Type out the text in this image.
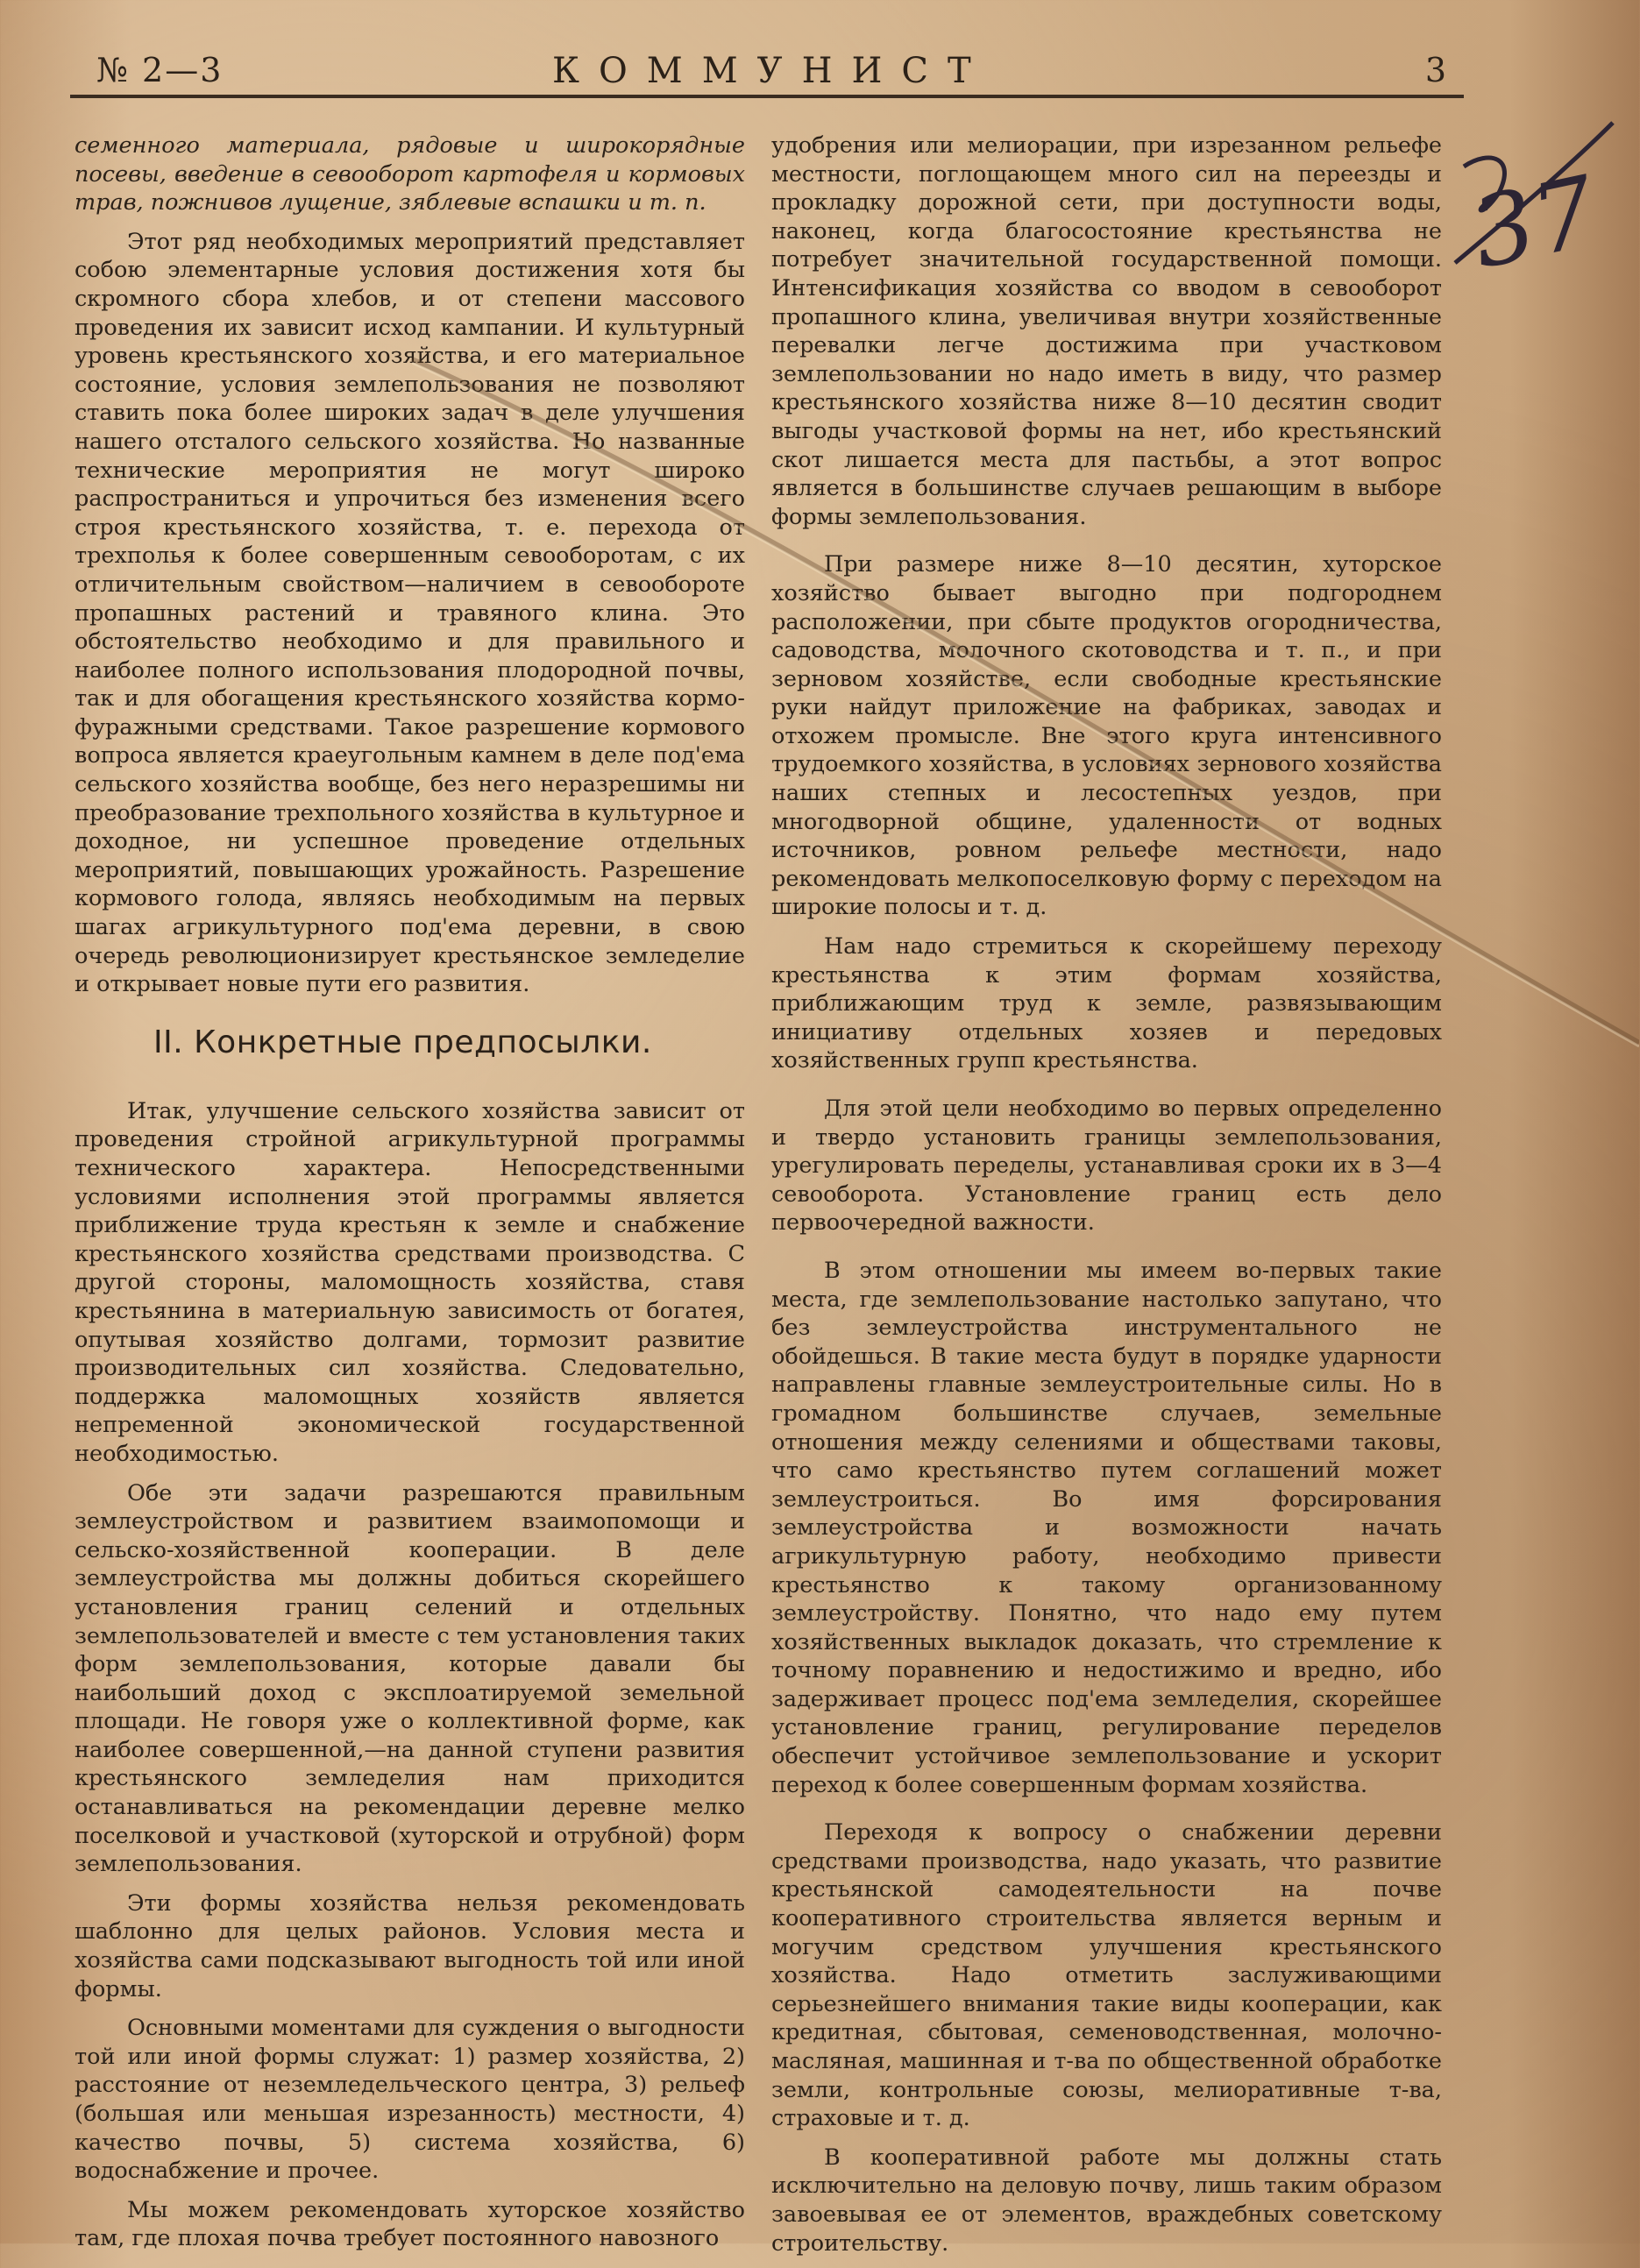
№ 2—3	КОММУНИСТ	3
37

семенного материала, рядовые и широкорядные посевы, введение в севооборот картофеля и кормовых трав, пожнивов лущение, зяблевые вспашки и т. п.

Этот ряд необходимых мероприятий представляет собою элементарные условия достижения хотя бы скромного сбора хлебов, и от степени массового проведения их зависит исход кампании. И культурный уровень крестьянского хозяйства, и его материальное состояние, условия землепользования не позволяют ставить пока более широких задач в деле улучшения нашего отсталого сельского хозяйства. Но названные технические мероприятия не могут широко распространиться и упрочиться без изменения всего строя крестьянского хозяйства, т. е. перехода от трехполья к более совершенным севооборотам, с их отличительным свойством—наличием в севообороте пропашных растений и травяного клина. Это обстоятельство необходимо и для правильного и наиболее полного использования плодородной почвы, так и для обогащения крестьянского хозяйства кормо-фуражными средствами. Такое разрешение кормового вопроса является краеугольным камнем в деле под'ема сельского хозяйства вообще, без него неразрешимы ни преобразование трехпольного хозяйства в культурное и доходное, ни успешное проведение отдельных мероприятий, повышающих урожайность. Разрешение кормового голода, являясь необходимым на первых шагах агрикультурного под'ема деревни, в свою очередь революционизирует крестьянское земледелие и открывает новые пути его развития.

II. Конкретные предпосылки.

Итак, улучшение сельского хозяйства зависит от проведения стройной агрикультурной программы технического характера. Непосредственными условиями исполнения этой программы является приближение труда крестьян к земле и снабжение крестьянского хозяйства средствами производства. С другой стороны, маломощность хозяйства, ставя крестьянина в материальную зависимость от богатея, опутывая хозяйство долгами, тормозит развитие производительных сил хозяйства. Следовательно, поддержка маломощных хозяйств является непременной экономической государственной необходимостью.

Обе эти задачи разрешаются правильным землеустройством и развитием взаимопомощи и сельско-хозяйственной кооперации. В деле землеустройства мы должны добиться скорейшего установления границ селений и отдельных землепользователей и вместе с тем установления таких форм землепользования, которые давали бы наибольший доход с эксплоатируемой земельной площади. Не говоря уже о коллективной форме, как наиболее совершенной,—на данной ступени развития крестьянского земледелия нам приходится останавливаться на рекомендации деревне мелко поселковой и участковой (хуторской и отрубной) форм землепользования.

Эти формы хозяйства нельзя рекомендовать шаблонно для целых районов. Условия места и хозяйства сами подсказывают выгодность той или иной формы.

Основными моментами для суждения о выгодности той или иной формы служат: 1) размер хозяйства, 2) расстояние от неземледельческого центра, 3) рельеф (большая или меньшая изрезанность) местности, 4) качество почвы, 5) система хозяйства, 6) водоснабжение и прочее.

Мы можем рекомендовать хуторское хозяйство там, где плохая почва требует постоянного навозного

удобрения или мелиорации, при изрезанном рельефе местности, поглощающем много сил на переезды и прокладку дорожной сети, при доступности воды, наконец, когда благосостояние крестьянства не потребует значительной государственной помощи. Интенсификация хозяйства со вводом в севооборот пропашного клина, увеличивая внутри хозяйственные перевалки легче достижима при участковом землепользовании но надо иметь в виду, что размер крестьянского хозяйства ниже 8—10 десятин сводит выгоды участковой формы на нет, ибо крестьянский скот лишается места для пастьбы, а этот вопрос является в большинстве случаев решающим в выборе формы землепользования.

При размере ниже 8—10 десятин, хуторское хозяйство бывает выгодно при подгороднем расположении, при сбыте продуктов огородничества, садоводства, молочного скотоводства и т. п., и при зерновом хозяйстве, если свободные крестьянские руки найдут приложение на фабриках, заводах и отхожем промысле. Вне этого круга интенсивного трудоемкого хозяйства, в условиях зернового хозяйства наших степных и лесостепных уездов, при многодворной общине, удаленности от водных источников, ровном рельефе местности, надо рекомендовать мелкопоселковую форму с переходом на широкие полосы и т. д.

Нам надо стремиться к скорейшему переходу крестьянства к этим формам хозяйства, приближающим труд к земле, развязывающим инициативу отдельных хозяев и передовых хозяйственных групп крестьянства.

Для этой цели необходимо во первых определенно и твердо установить границы землепользования, урегулировать переделы, устанавливая сроки их в 3—4 севооборота. Установление границ есть дело первоочередной важности.

В этом отношении мы имеем во-первых такие места, где землепользование настолько запутано, что без землеустройства инструментального не обойдешься. В такие места будут в порядке ударности направлены главные землеустроительные силы. Но в громадном большинстве случаев, земельные отношения между селениями и обществами таковы, что само крестьянство путем соглашений может землеустроиться. Во имя форсирования землеустройства и возможности начать агрикультурную работу, необходимо привести крестьянство к такому организованному землеустройству. Понятно, что надо ему путем хозяйственных выкладок доказать, что стремление к точному поравнению и недостижимо и вредно, ибо задерживает процесс под'ема земледелия, скорейшее установление границ, регулирование переделов обеспечит устойчивое землепользование и ускорит переход к более совершенным формам хозяйства.

Переходя к вопросу о снабжении деревни средствами производства, надо указать, что развитие крестьянской самодеятельности на почве кооперативного строительства является верным и могучим средством улучшения крестьянского хозяйства. Надо отметить заслуживающими серьезнейшего внимания такие виды кооперации, как кредитная, сбытовая, семеноводственная, молочно-масляная, машинная и т-ва по общественной обработке земли, контрольные союзы, мелиоративные т-ва, страховые и т. д.

В кооперативной работе мы должны стать исключительно на деловую почву, лишь таким образом завоевывая ее от элементов, враждебных советскому строительству.
